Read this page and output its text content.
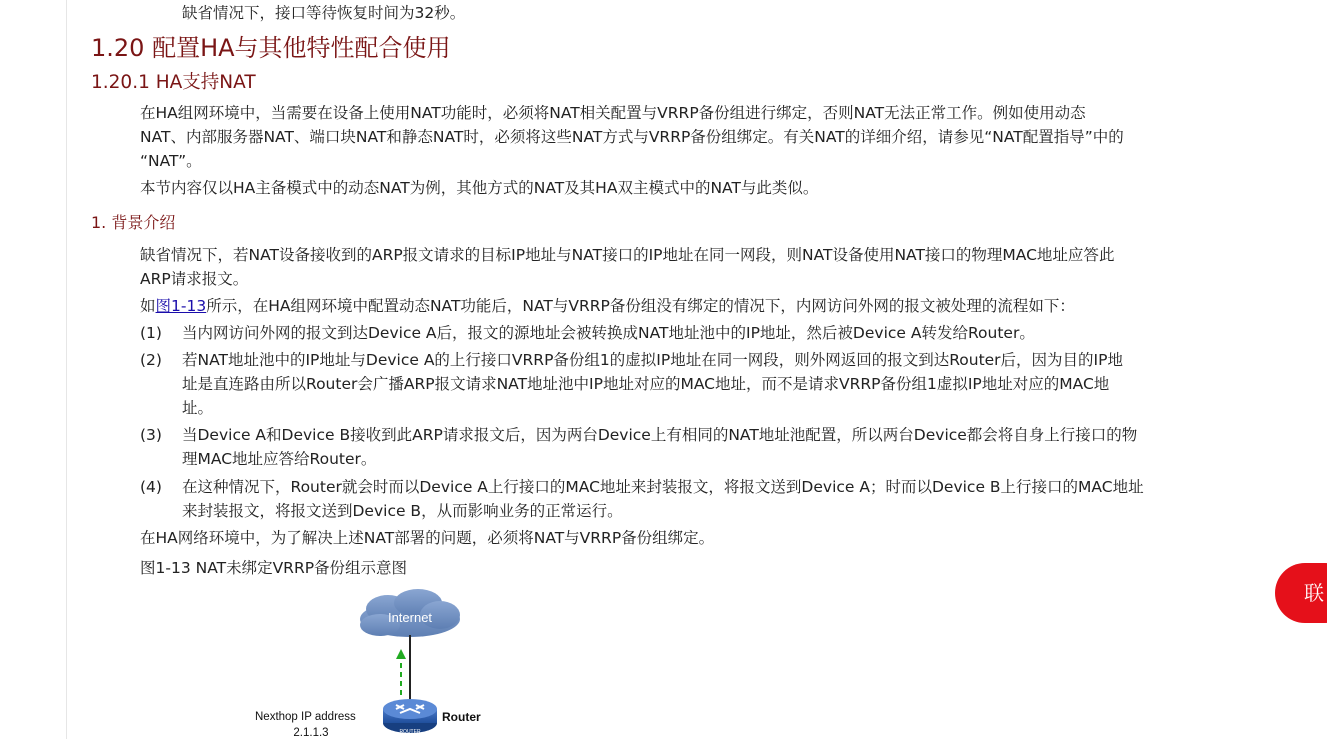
缺省情况下，接口等待恢复时间为32秒。
1.20 配置HA与其他特性配合使用
1.20.1 HA支持NAT
在HA组网环境中，当需要在设备上使用NAT功能时，必须将NAT相关配置与VRRP备份组进行绑定，否则NAT无法正常工作。例如使用动态
NAT、内部服务器NAT、端口块NAT和静态NAT时，必须将这些NAT方式与VRRP备份组绑定。有关NAT的详细介绍，请参见“NAT配置指导”中的
“NAT”。
本节内容仅以HA主备模式中的动态NAT为例，其他方式的NAT及其HA双主模式中的NAT与此类似。
1. 背景介绍
缺省情况下，若NAT设备接收到的ARP报文请求的目标IP地址与NAT接口的IP地址在同一网段，则NAT设备使用NAT接口的物理MAC地址应答此
ARP请求报文。
如图1-13所示，在HA组网环境中配置动态NAT功能后，NAT与VRRP备份组没有绑定的情况下，内网访问外网的报文被处理的流程如下：
(1) 当内网访问外网的报文到达Device A后，报文的源地址会被转换成NAT地址池中的IP地址，然后被Device A转发给Router。
(2) 若NAT地址池中的IP地址与Device A的上行接口VRRP备份组1的虚拟IP地址在同一网段，则外网返回的报文到达Router后，因为目的IP地
址是直连路由所以Router会广播ARP报文请求NAT地址池中IP地址对应的MAC地址，而不是请求VRRP备份组1虚拟IP地址对应的MAC地
址。
(3) 当Device A和Device B接收到此ARP请求报文后，因为两台Device上有相同的NAT地址池配置，所以两台Device都会将自身上行接口的物
理MAC地址应答给Router。
(4) 在这种情况下，Router就会时而以Device A上行接口的MAC地址来封装报文，将报文送到Device A；时而以Device B上行接口的MAC地址
来封装报文，将报文送到Device B，从而影响业务的正常运行。
在HA网络环境中，为了解决上述NAT部署的问题，必须将NAT与VRRP备份组绑定。
图1-13 NAT未绑定VRRP备份组示意图
Internet
ROUTER
Router
Nexthop IP address
2.1.1.3
联
